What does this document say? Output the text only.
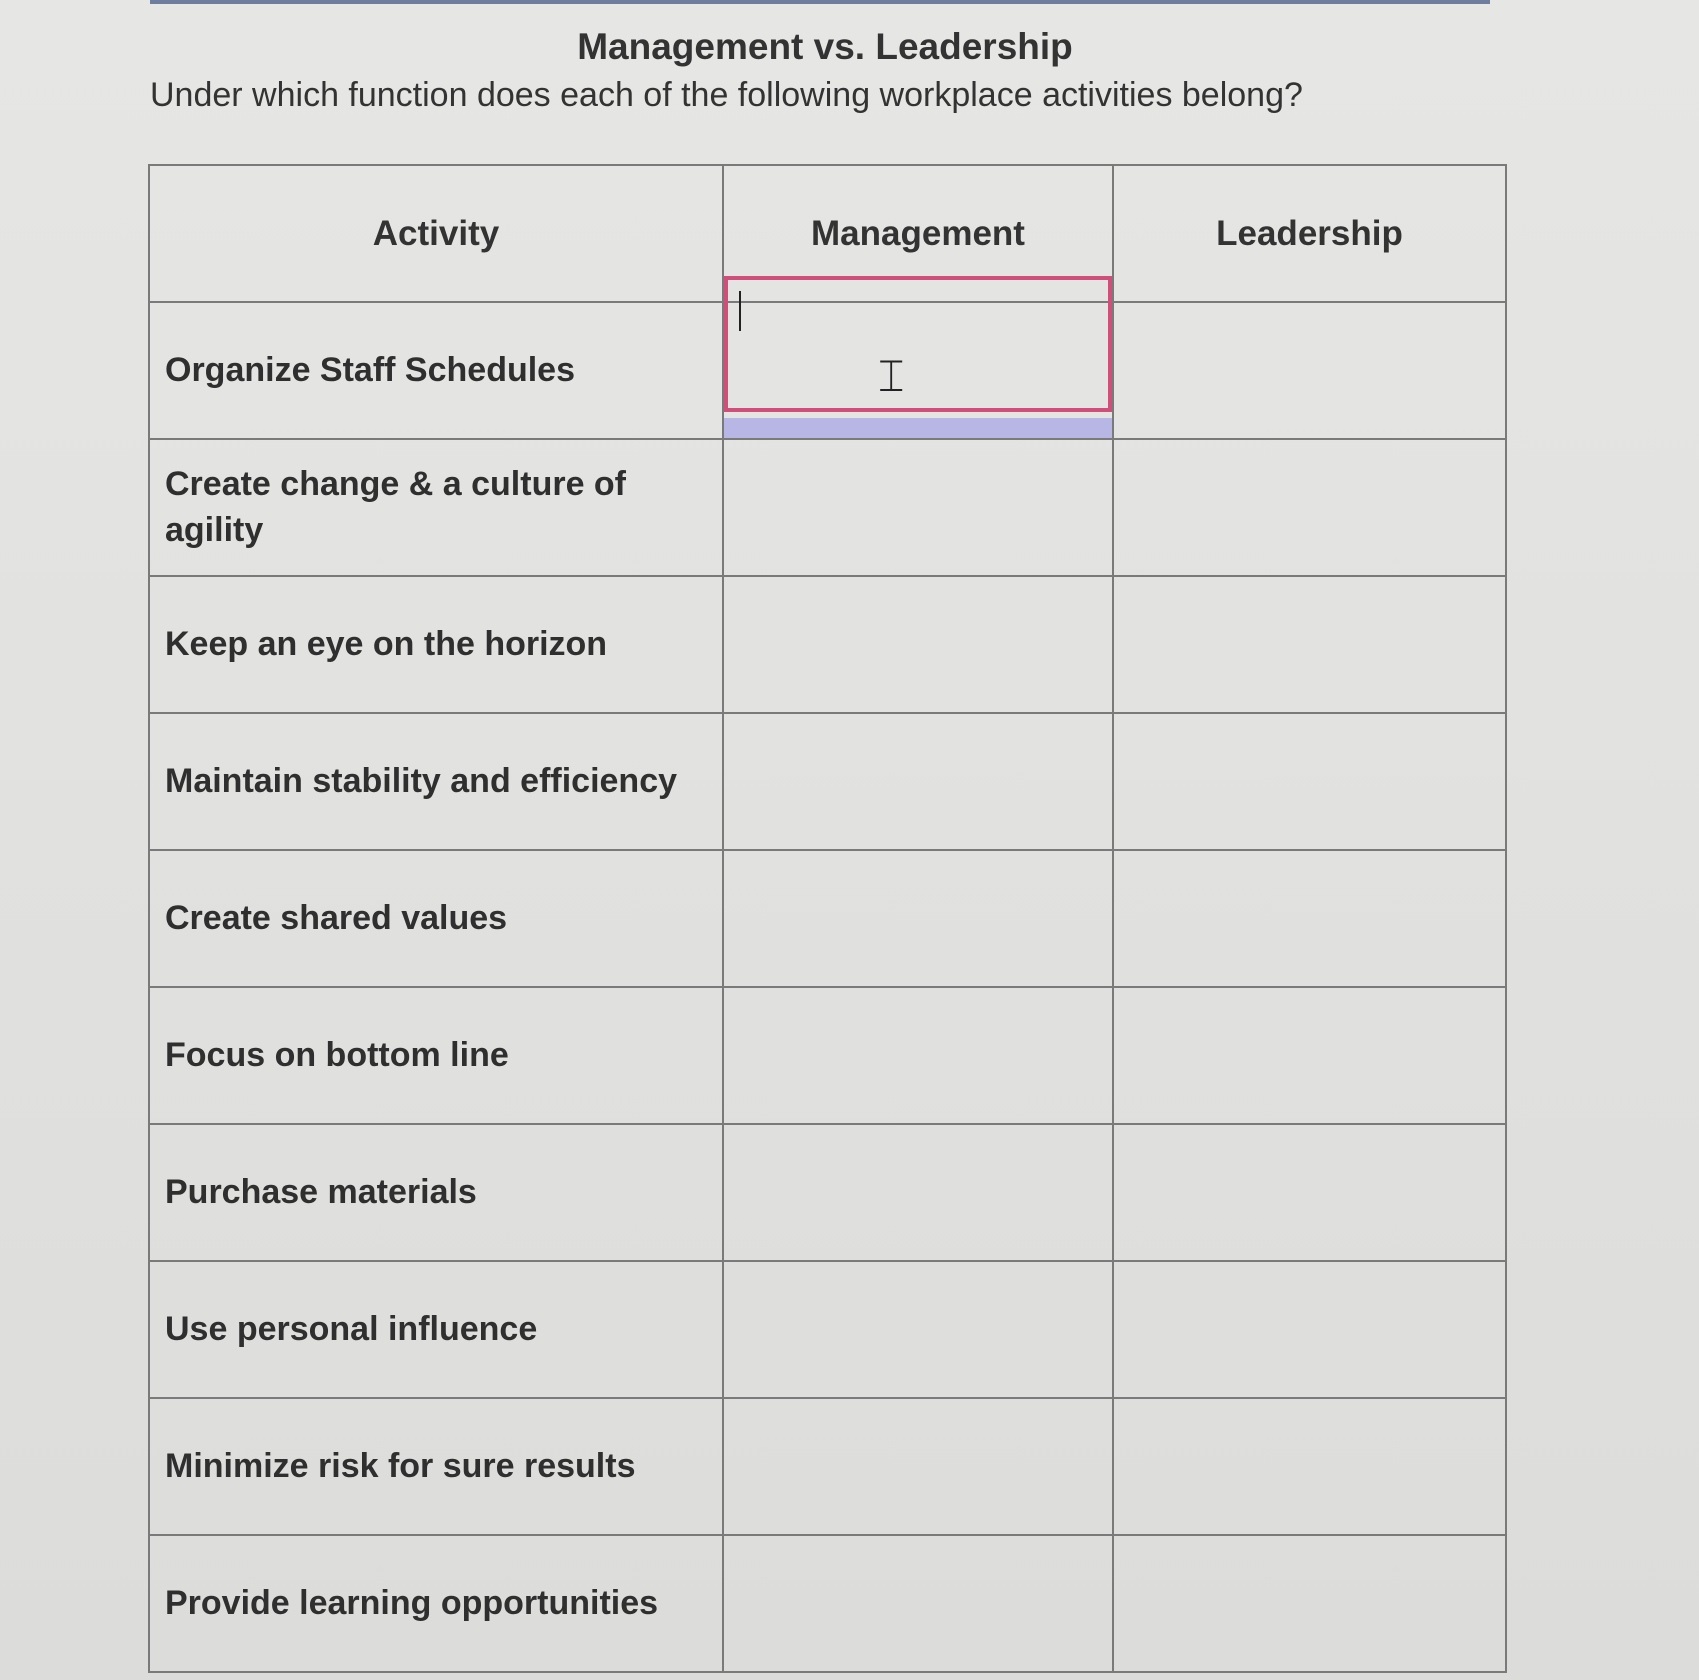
Management vs. Leadership
Under which function does each of the following workplace activities belong?
Activity	Management	Leadership
Organize Staff Schedules	⌶	

Create change & a culture of agility		
Keep an eye on the horizon		
Maintain stability and efficiency		
Create shared values		
Focus on bottom line		
Purchase materials		
Use personal influence		
Minimize risk for sure results		
Provide learning opportunities		
